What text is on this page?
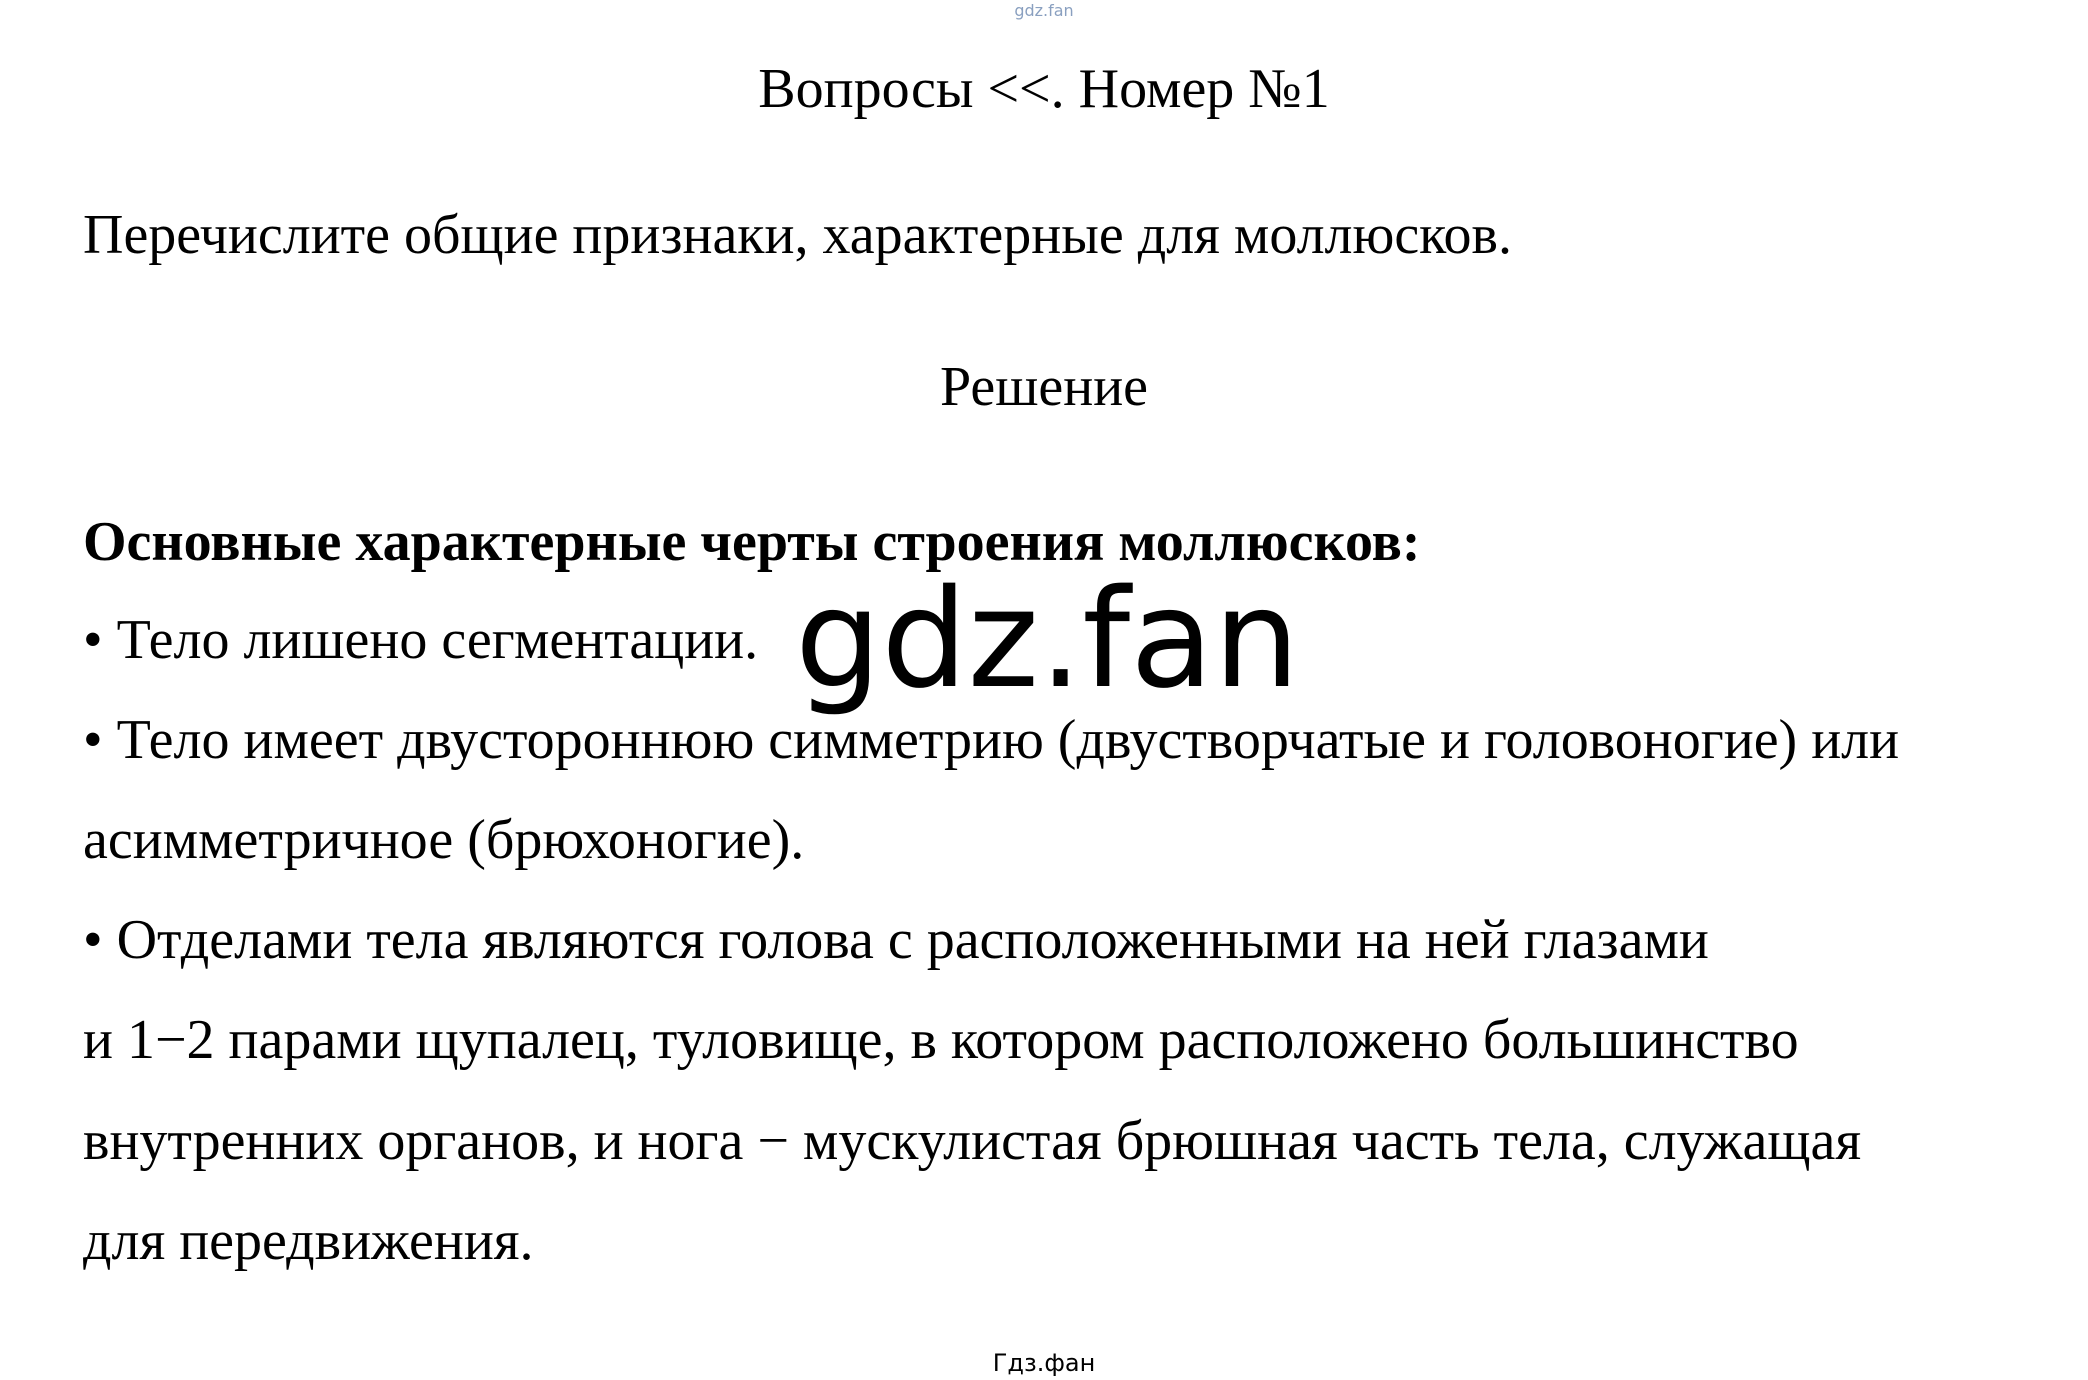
gdz.fan
Вопросы <<. Номер №1

Перечислите общие признаки, характерные для моллюсков.

Решение

Основные характерные черты строения моллюсков:

• Тело лишено сегментации.

• Тело имеет двустороннюю симметрию (двустворчатые и головоногие) или

асимметричное (брюхоногие).

• Отделами тела являются голова с расположенными на ней глазами

и 1−2 парами щупалец, туловище, в котором расположено большинство

внутренних органов, и нога − мускулистая брюшная часть тела, служащая

для передвижения.

gdz.fan
Гдз.фан
